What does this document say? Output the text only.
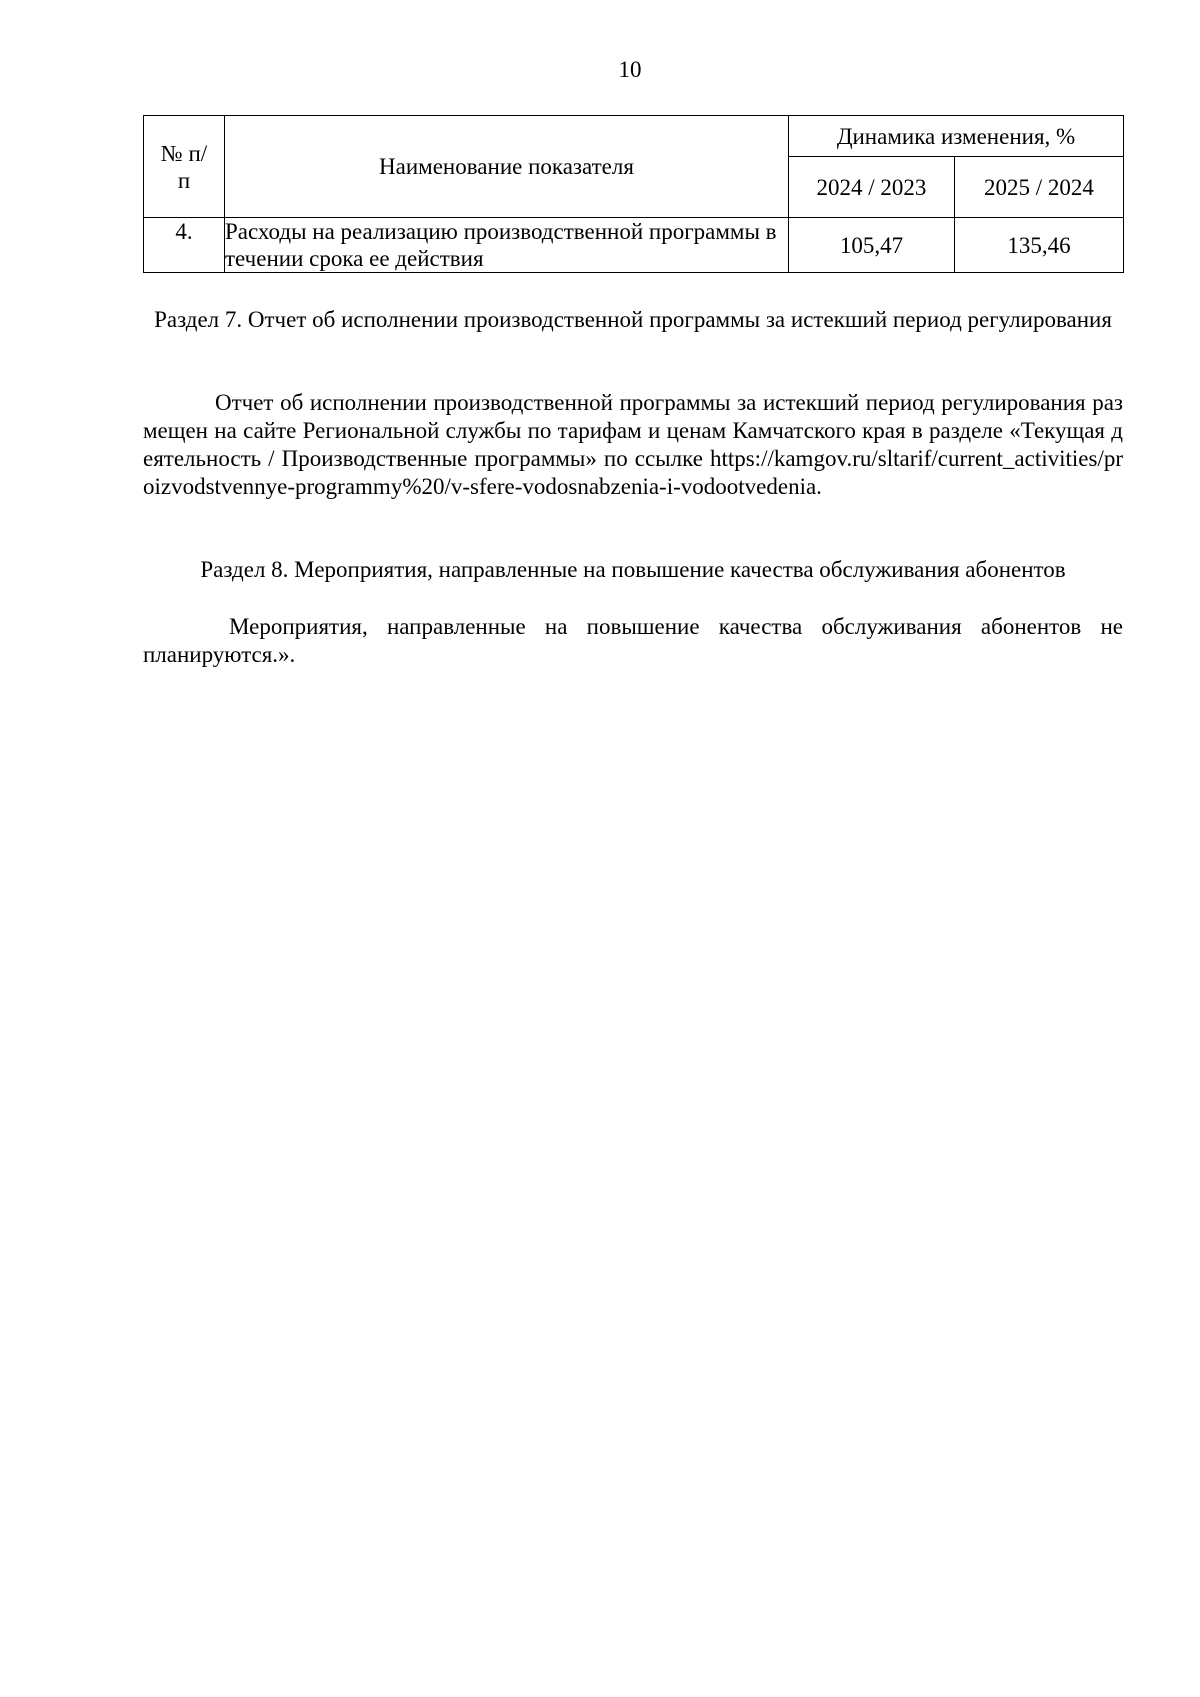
10
№ п/п	Наименование показателя	Динамика изменения, %	
		2024 / 2023	2025 / 2024
4.	Расходы на реализацию производственной программы в течении срока ее действия	105,47	135,46
Раздел 7. Отчет об исполнении производственной программы за истекший период регулирования
Отчет об исполнении производственной программы за истекший период регулирования размещен на сайте Региональной службы по тарифам и ценам Камчатского края в разделе «Текущая деятельность / Производственные программы» по ссылке https://kamgov.ru/sltarif/current_activities/proizvodstvennye-programmy%20/v-sfere-vodosnabzenia-i-vodootvedenia.
Раздел 8. Мероприятия, направленные на повышение качества обслуживания абонентов
Мероприятия, направленные на повышение качества обслуживания абонентов не планируются.».
